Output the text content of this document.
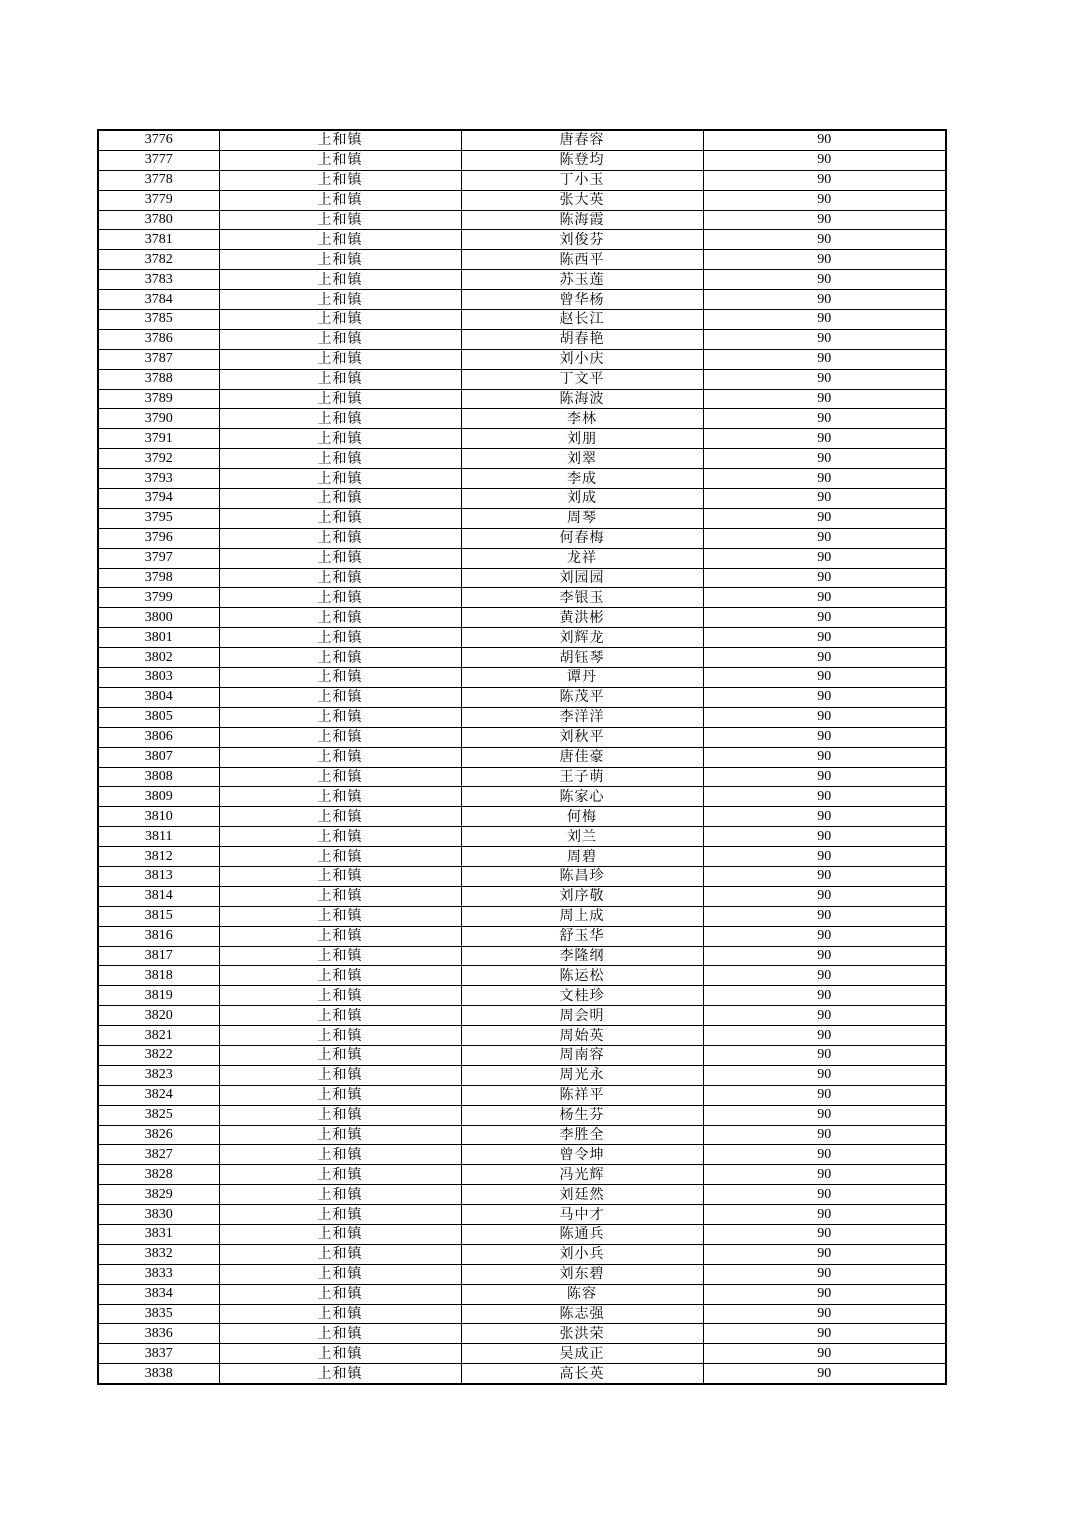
3776	上和镇	唐春容	90
3777	上和镇	陈登均	90
3778	上和镇	丁小玉	90
3779	上和镇	张大英	90
3780	上和镇	陈海霞	90
3781	上和镇	刘俊芬	90
3782	上和镇	陈西平	90
3783	上和镇	苏玉莲	90
3784	上和镇	曾华杨	90
3785	上和镇	赵长江	90
3786	上和镇	胡春艳	90
3787	上和镇	刘小庆	90
3788	上和镇	丁文平	90
3789	上和镇	陈海波	90
3790	上和镇	李林	90
3791	上和镇	刘朋	90
3792	上和镇	刘翠	90
3793	上和镇	李成	90
3794	上和镇	刘成	90
3795	上和镇	周琴	90
3796	上和镇	何春梅	90
3797	上和镇	龙祥	90
3798	上和镇	刘园园	90
3799	上和镇	李银玉	90
3800	上和镇	黄洪彬	90
3801	上和镇	刘辉龙	90
3802	上和镇	胡钰琴	90
3803	上和镇	谭丹	90
3804	上和镇	陈茂平	90
3805	上和镇	李洋洋	90
3806	上和镇	刘秋平	90
3807	上和镇	唐佳豪	90
3808	上和镇	王子萌	90
3809	上和镇	陈家心	90
3810	上和镇	何梅	90
3811	上和镇	刘兰	90
3812	上和镇	周碧	90
3813	上和镇	陈昌珍	90
3814	上和镇	刘序敬	90
3815	上和镇	周上成	90
3816	上和镇	舒玉华	90
3817	上和镇	李隆纲	90
3818	上和镇	陈运松	90
3819	上和镇	文桂珍	90
3820	上和镇	周会明	90
3821	上和镇	周始英	90
3822	上和镇	周南容	90
3823	上和镇	周光永	90
3824	上和镇	陈祥平	90
3825	上和镇	杨生芬	90
3826	上和镇	李胜全	90
3827	上和镇	曾令坤	90
3828	上和镇	冯光辉	90
3829	上和镇	刘廷然	90
3830	上和镇	马中才	90
3831	上和镇	陈通兵	90
3832	上和镇	刘小兵	90
3833	上和镇	刘东碧	90
3834	上和镇	陈容	90
3835	上和镇	陈志强	90
3836	上和镇	张洪荣	90
3837	上和镇	吴成正	90
3838	上和镇	高长英	90
